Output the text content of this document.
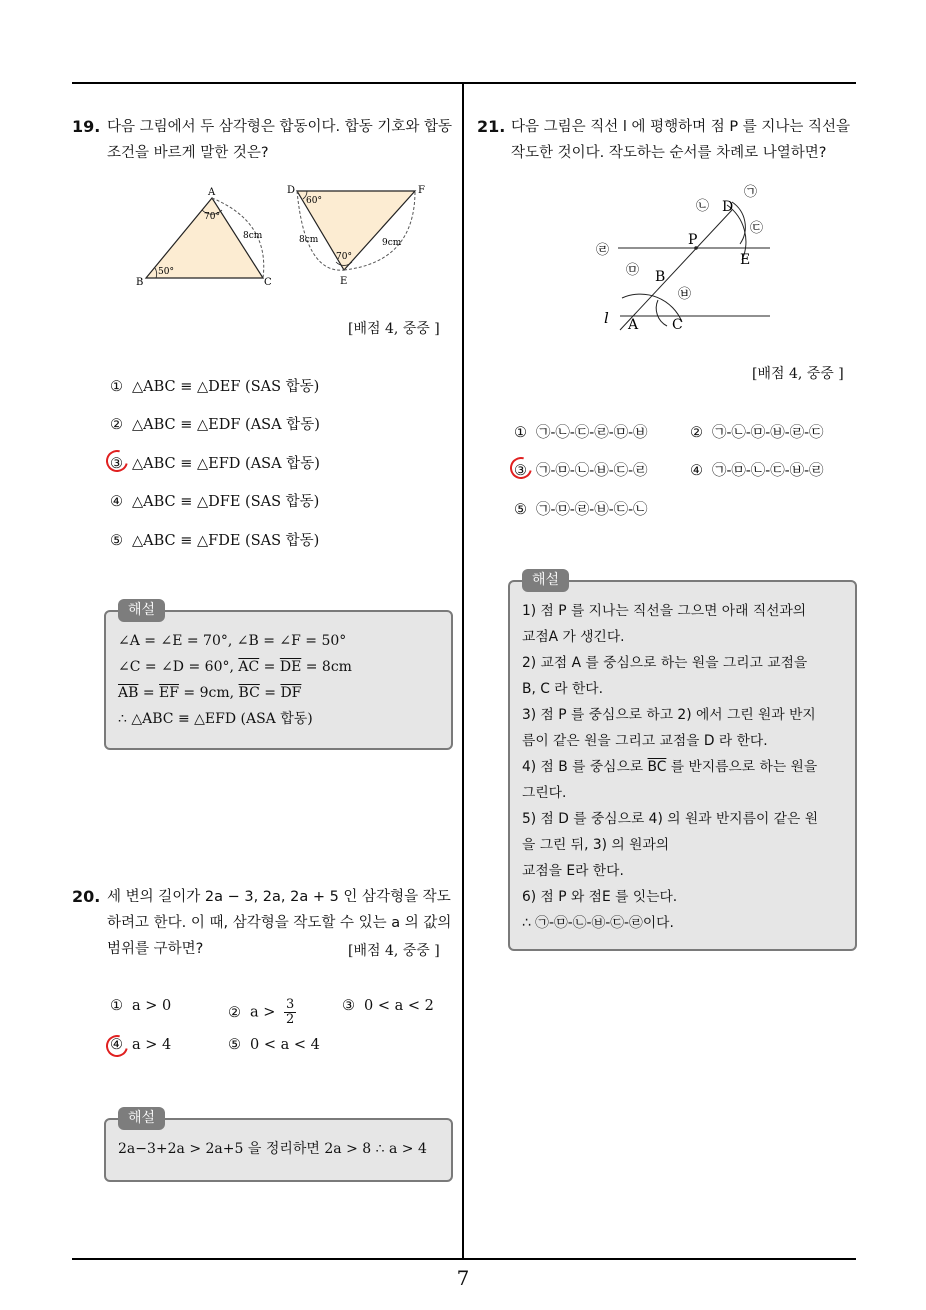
7
19. 다음 그림에서 두 삼각형은 합동이다. 합동 기호와 합동조건을 바르게 말한 것은?
A
B	C
70°
50°
8cm
D
E
F
60°
70°
8cm	9cm
[배점 4, 중중 ]
① △ABC ≡ △DEF (SAS 합동)
② △ABC ≡ △EDF (ASA 합동)
③ △ABC ≡ △EFD (ASA 합동)
④ △ABC ≡ △DFE (SAS 합동)
⑤ △ABC ≡ △FDE (SAS 합동)
∠A = ∠E = 70°, ∠B = ∠F = 50°
∠C = ∠D = 60°, $\overline{AC} = \overline{DE} = 8cm$
$\overline{AB} = \overline{EF} = 9cm$, $\overline{BC} = \overline{DF}$
∴ △ABC ≡ △EFD (ASA 합동)
해설
20. 세 변의 길이가 2a − 3, 2a, 2a + 5 인 삼각형을 작도하려고 한다. 이 때, 삼각형을 작도할 수 있는 a 의 값의 범위를 구하면?	[배점 4, 중중 ]
① a > 0	② $a > \frac{3}{2}$	③ 0 < a < 2
④ a > 4	⑤ 0 < a < 4
2a−3+2a > 2a+5 을 정리하면 2a > 8 ∴ a > 4
해설
21. 다음 그림은 직선 l 에 평행하며 점 P 를 지나는 직선을 작도한 것이다. 작도하는 순서를 차례로 나열하면?
P
D
E
B
A C
l
㉠
㉡
㉢
㉣
㉤
㉥
[배점 4, 중중 ]
① ㉠-㉡-㉢-㉣-㉤-㉥	② ㉠-㉡-㉤-㉥-㉣-㉢
③ ㉠-㉤-㉡-㉥-㉢-㉣	④ ㉠-㉤-㉡-㉢-㉥-㉣
⑤ ㉠-㉤-㉣-㉥-㉢-㉡
1) 점 P 를 지나는 직선을 그으면 아래 직선과의
교점A 가 생긴다.
2) 교점 A 를 중심으로 하는 원을 그리고 교점을
B, C 라 한다.
3) 점 P 를 중심으로 하고 2) 에서 그린 원과 반지
름이 같은 원을 그리고 교점을 D 라 한다.
4) 점 B 를 중심으로 $\overline{BC}$ 를 반지름으로 하는 원을
그린다.
5) 점 D 를 중심으로 4) 의 원과 반지름이 같은 원
을 그린 뒤, 3) 의 원과의
교점을 E라 한다.
6) 점 P 와 점E 를 잇는다.
∴ ㉠-㉤-㉡-㉥-㉢-㉣이다.
해설
